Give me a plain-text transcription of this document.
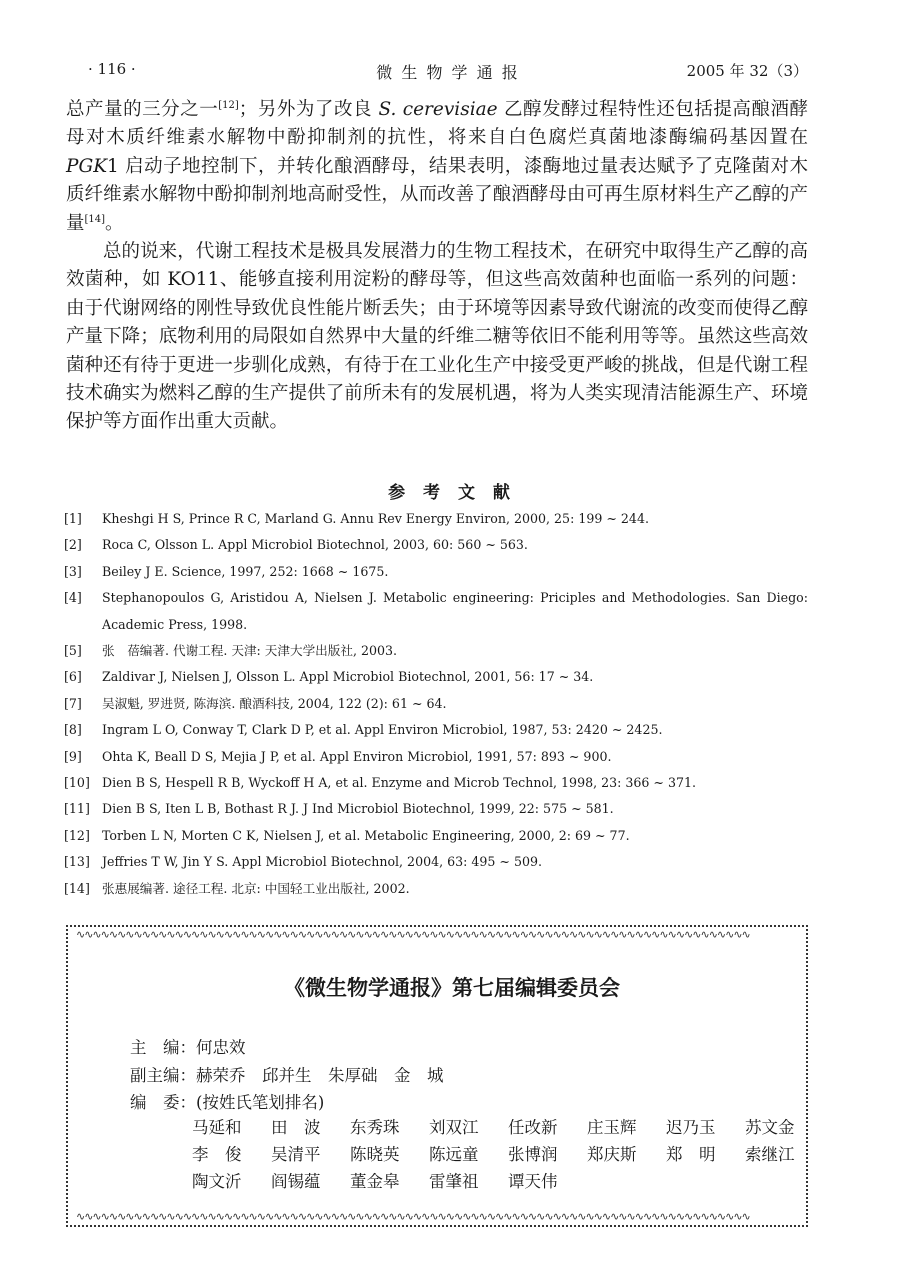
· 116 ·	微 生 物 学 通 报	2005 年 32（3）

总产量的三分之一[12]；另外为了改良 S. cerevisiae 乙醇发酵过程特性还包括提高酿酒酵母对木质纤维素水解物中酚抑制剂的抗性，将来自白色腐烂真菌地漆酶编码基因置在 PGK1 启动子地控制下，并转化酿酒酵母，结果表明，漆酶地过量表达赋予了克隆菌对木质纤维素水解物中酚抑制剂地高耐受性，从而改善了酿酒酵母由可再生原材料生产乙醇的产量[14]。

总的说来，代谢工程技术是极具发展潜力的生物工程技术，在研究中取得生产乙醇的高效菌种，如 KO11、能够直接利用淀粉的酵母等，但这些高效菌种也面临一系列的问题：由于代谢网络的刚性导致优良性能片断丢失；由于环境等因素导致代谢流的改变而使得乙醇产量下降；底物利用的局限如自然界中大量的纤维二糖等依旧不能利用等等。虽然这些高效菌种还有待于更进一步驯化成熟，有待于在工业化生产中接受更严峻的挑战，但是代谢工程技术确实为燃料乙醇的生产提供了前所未有的发展机遇，将为人类实现清洁能源生产、环境保护等方面作出重大贡献。

参 考 文 献
[1] Kheshgi H S, Prince R C, Marland G. Annu Rev Energy Environ, 2000, 25: 199 ~ 244.
[2] Roca C, Olsson L. Appl Microbiol Biotechnol, 2003, 60: 560 ~ 563.
[3] Beiley J E. Science, 1997, 252: 1668 ~ 1675.
[4] Stephanopoulos G, Aristidou A, Nielsen J. Metabolic engineering: Priciples and Methodologies. San Diego: Academic Press, 1998.
[5] 张　蓓编著. 代谢工程. 天津: 天津大学出版社, 2003.
[6] Zaldivar J, Nielsen J, Olsson L. Appl Microbiol Biotechnol, 2001, 56: 17 ~ 34.
[7] 吴淑魁, 罗进贤, 陈海滨. 酿酒科技, 2004, 122 (2): 61 ~ 64.
[8] Ingram L O, Conway T, Clark D P, et al. Appl Environ Microbiol, 1987, 53: 2420 ~ 2425.
[9] Ohta K, Beall D S, Mejia J P, et al. Appl Environ Microbiol, 1991, 57: 893 ~ 900.
[10] Dien B S, Hespell R B, Wyckoff H A, et al. Enzyme and Microb Technol, 1998, 23: 366 ~ 371.
[11] Dien B S, Iten L B, Bothast R J. J Ind Microbiol Biotechnol, 1999, 22: 575 ~ 581.
[12] Torben L N, Morten C K, Nielsen J, et al. Metabolic Engineering, 2000, 2: 69 ~ 77.
[13] Jeffries T W, Jin Y S. Appl Microbiol Biotechnol, 2004, 63: 495 ~ 509.
[14] 张惠展编著. 途径工程. 北京: 中国轻工业出版社, 2002.
∿∿∿∿∿∿∿∿∿∿∿∿∿∿∿∿∿∿∿∿∿∿∿∿∿∿∿∿∿∿∿∿∿∿∿∿∿∿∿∿∿∿∿∿∿∿∿∿∿∿∿∿∿∿∿∿∿∿∿∿∿∿∿∿∿∿∿∿∿∿∿∿∿∿∿∿∿∿∿∿∿∿
∿∿∿∿∿∿∿∿∿∿∿∿∿∿∿∿∿∿∿∿∿∿∿∿∿∿∿∿∿∿∿∿∿∿∿∿∿∿∿∿∿∿∿∿∿∿∿∿∿∿∿∿∿∿∿∿∿∿∿∿∿∿∿∿∿∿∿∿∿∿∿∿∿∿∿∿∿∿∿∿∿∿
《微生物学通报》第七届编辑委员会
主　编：何忠效
副主编：赫荣乔　邱并生　朱厚础　金　城
编　委：(按姓氏笔划排名)
马延和 田　波 东秀珠 刘双江 任改新 庄玉辉 迟乃玉 苏文金
李　俊 吴清平 陈晓英 陈远童 张博润 郑庆斯 郑　明 索继江
陶文沂 阎锡蕴 董金皋 雷肇祖 谭天伟
